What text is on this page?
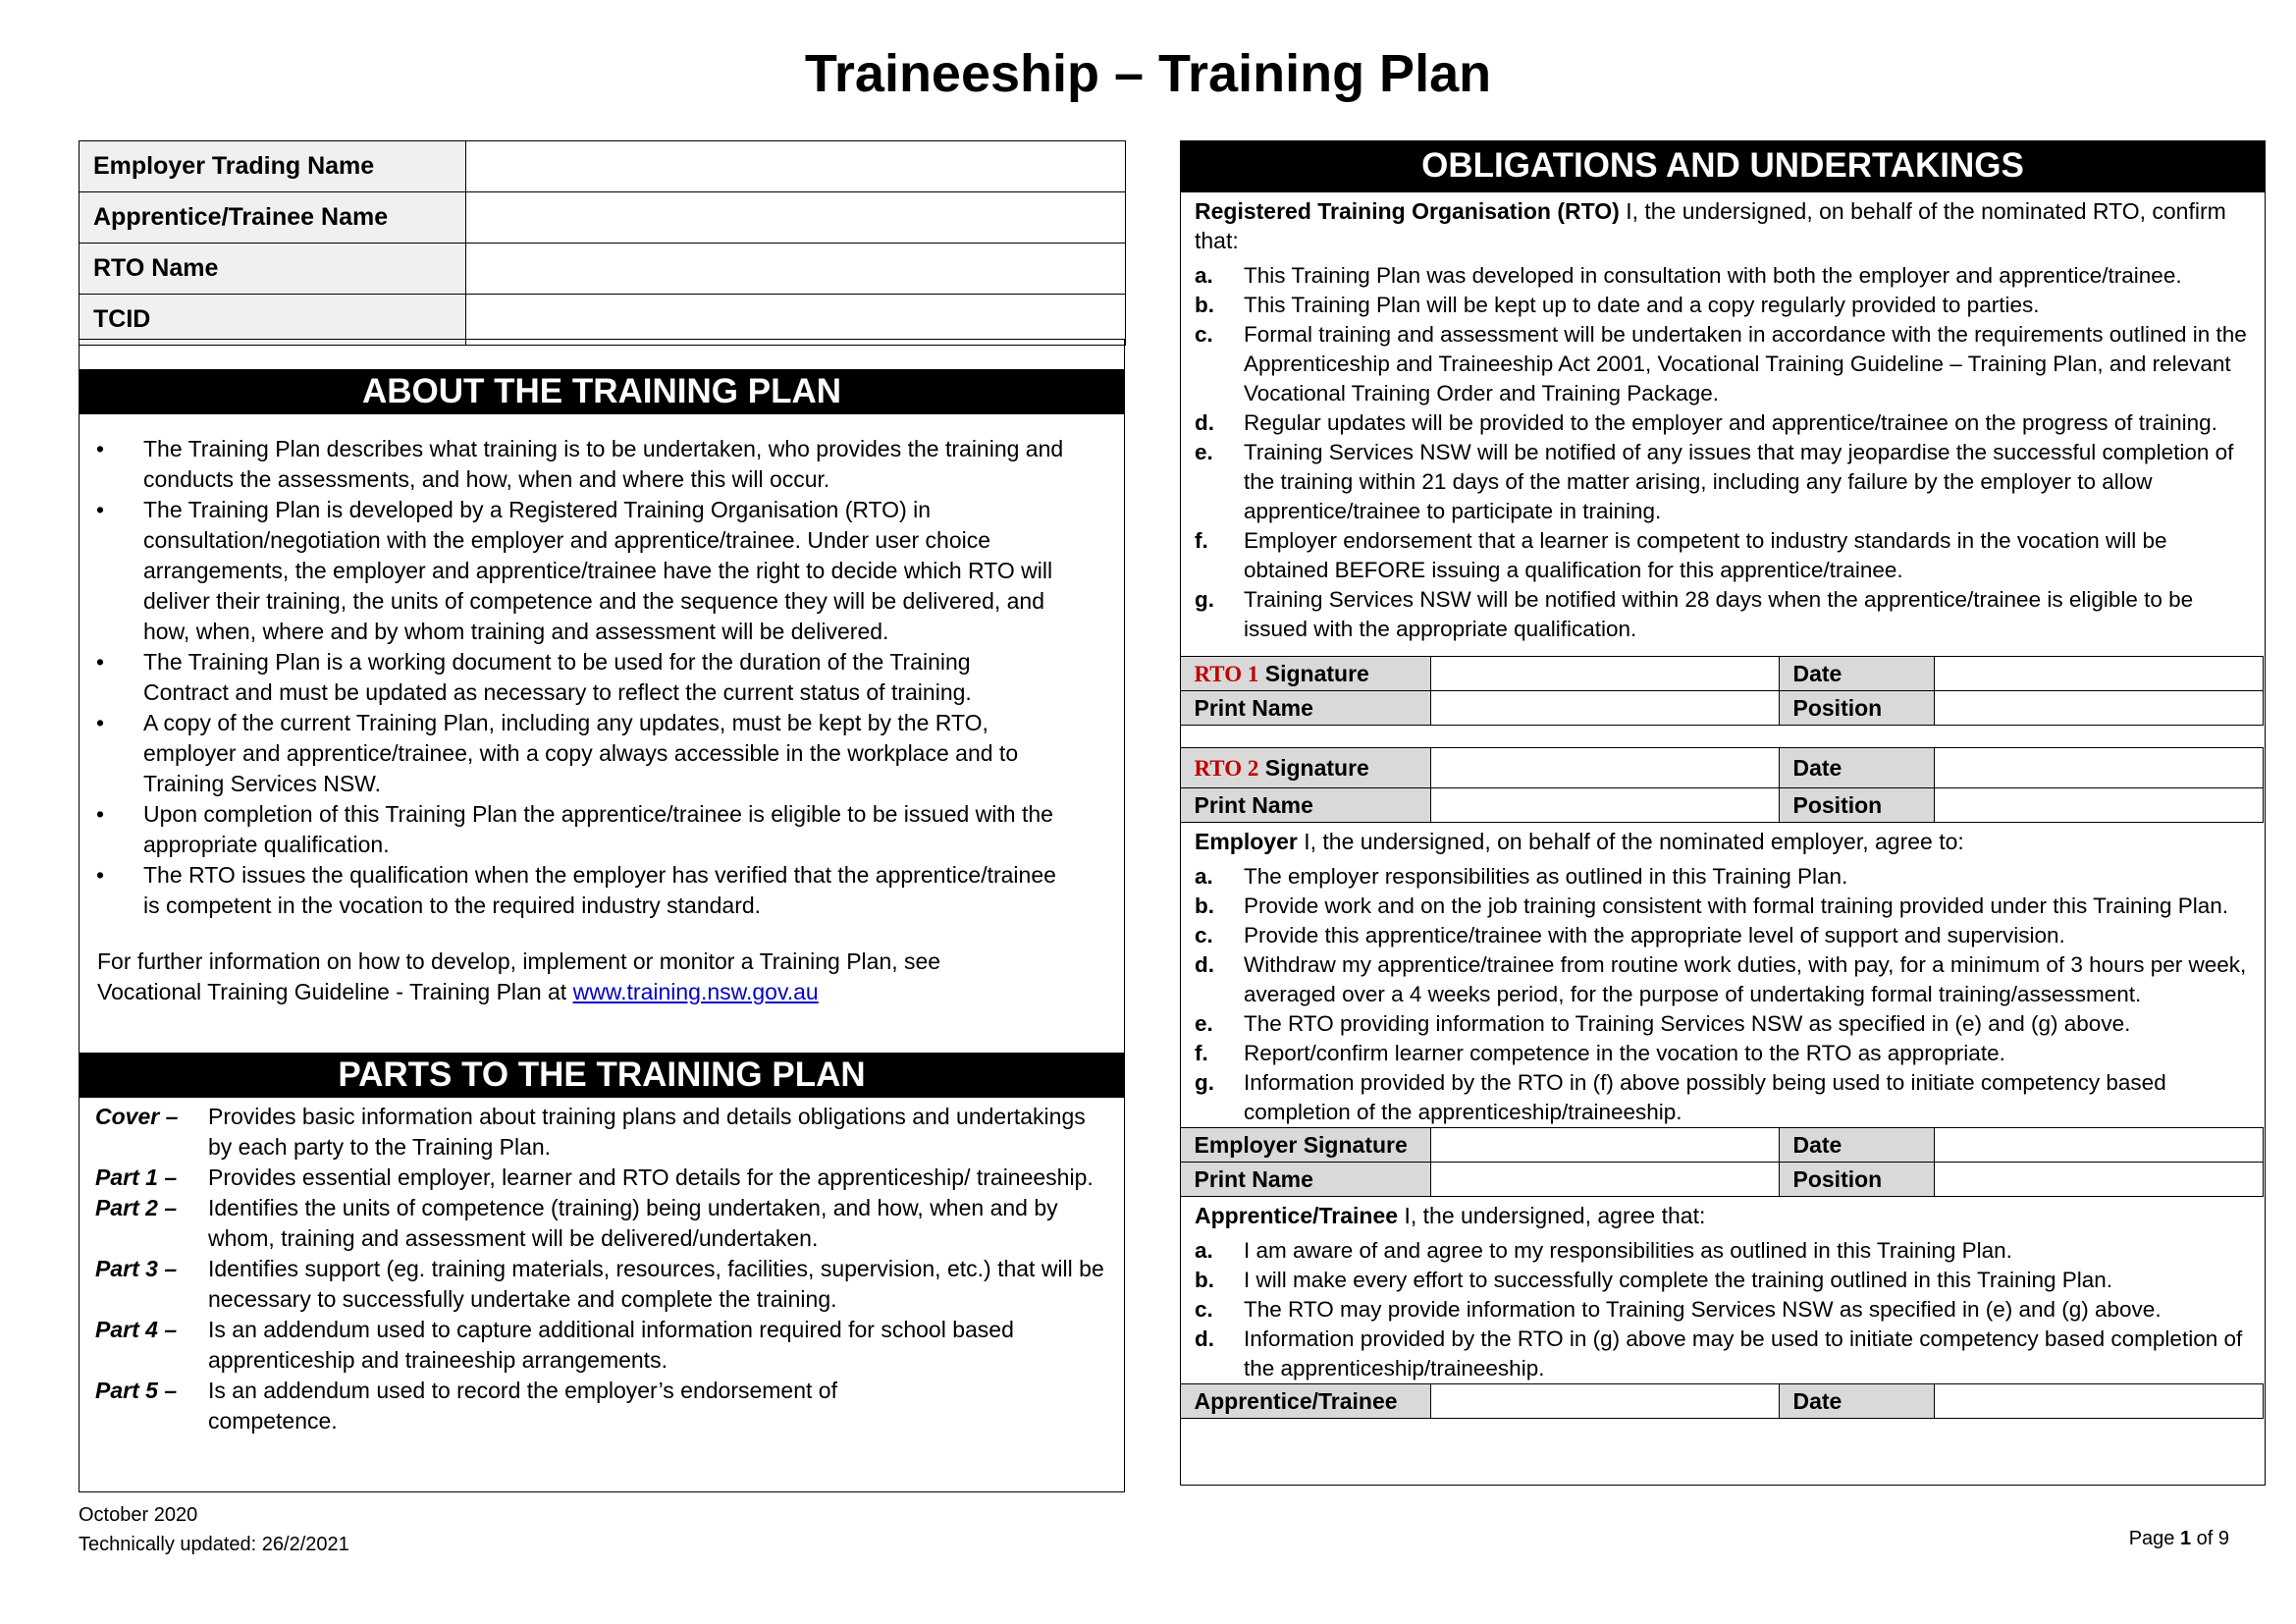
Traineeship – Training Plan
Employer Trading Name	
Apprentice/Trainee Name	
RTO Name	
TCID	
ABOUT THE TRAINING PLAN
• The Training Plan describes what training is to be undertaken, who provides the training and conducts the assessments, and how, when and where this will occur.
• The Training Plan is developed by a Registered Training Organisation (RTO) in consultation/negotiation with the employer and apprentice/trainee. Under user choice arrangements, the employer and apprentice/trainee have the right to decide which RTO will deliver their training, the units of competence and the sequence they will be delivered, and how, when, where and by whom training and assessment will be delivered.
• The Training Plan is a working document to be used for the duration of the Training Contract and must be updated as necessary to reflect the current status of training.
• A copy of the current Training Plan, including any updates, must be kept by the RTO, employer and apprentice/trainee, with a copy always accessible in the workplace and to Training Services NSW.
• Upon completion of this Training Plan the apprentice/trainee is eligible to be issued with the appropriate qualification.
• The RTO issues the qualification when the employer has verified that the apprentice/trainee is competent in the vocation to the required industry standard.
For further information on how to develop, implement or monitor a Training Plan, see
Vocational Training Guideline - Training Plan at www.training.nsw.gov.au
PARTS TO THE TRAINING PLAN
Cover –	Provides basic information about training plans and details obligations and undertakings by each party to the Training Plan.
Part 1 –	Provides essential employer, learner and RTO details for the apprenticeship/ traineeship.
Part 2 –	Identifies the units of competence (training) being undertaken, and how, when and by whom, training and assessment will be delivered/undertaken.
Part 3 –	Identifies support (eg. training materials, resources, facilities, supervision, etc.) that will be necessary to successfully undertake and complete the training.
Part 4 –	Is an addendum used to capture additional information required for school based apprenticeship and traineeship arrangements.
Part 5 –	Is an addendum used to record the employer’s endorsement of competence.
OBLIGATIONS AND UNDERTAKINGS
Registered Training Organisation (RTO) I, the undersigned, on behalf of the nominated RTO, confirm that:
a.	This Training Plan was developed in consultation with both the employer and apprentice/trainee.
b.	This Training Plan will be kept up to date and a copy regularly provided to parties.
c.	Formal training and assessment will be undertaken in accordance with the requirements outlined in the Apprenticeship and Traineeship Act 2001, Vocational Training Guideline – Training Plan, and relevant Vocational Training Order and Training Package.
d.	Regular updates will be provided to the employer and apprentice/trainee on the progress of training.
e.	Training Services NSW will be notified of any issues that may jeopardise the successful completion of the training within 21 days of the matter arising, including any failure by the employer to allow apprentice/trainee to participate in training.
f.	Employer endorsement that a learner is competent to industry standards in the vocation will be obtained BEFORE issuing a qualification for this apprentice/trainee.
g.	Training Services NSW will be notified within 28 days when the apprentice/trainee is eligible to be issued with the appropriate qualification.
RTO 1 Signature		Date	
Print Name		Position	
RTO 2 Signature		Date	
Print Name		Position	
Employer I, the undersigned, on behalf of the nominated employer, agree to:
a.	The employer responsibilities as outlined in this Training Plan.
b.	Provide work and on the job training consistent with formal training provided under this Training Plan.
c.	Provide this apprentice/trainee with the appropriate level of support and supervision.
d.	Withdraw my apprentice/trainee from routine work duties, with pay, for a minimum of 3 hours per week, averaged over a 4 weeks period, for the purpose of undertaking formal training/assessment.
e.	The RTO providing information to Training Services NSW as specified in (e) and (g) above.
f.	Report/confirm learner competence in the vocation to the RTO as appropriate.
g.	Information provided by the RTO in (f) above possibly being used to initiate competency based completion of the apprenticeship/traineeship.
Employer Signature		Date	
Print Name		Position	
Apprentice/Trainee I, the undersigned, agree that:
a.	I am aware of and agree to my responsibilities as outlined in this Training Plan.
b.	I will make every effort to successfully complete the training outlined in this Training Plan.
c.	The RTO may provide information to Training Services NSW as specified in (e) and (g) above.
d.	Information provided by the RTO in (g) above may be used to initiate competency based completion of the apprenticeship/traineeship.
Apprentice/Trainee		Date	
October 2020
Technically updated: 26/2/2021	Page 1 of 9
